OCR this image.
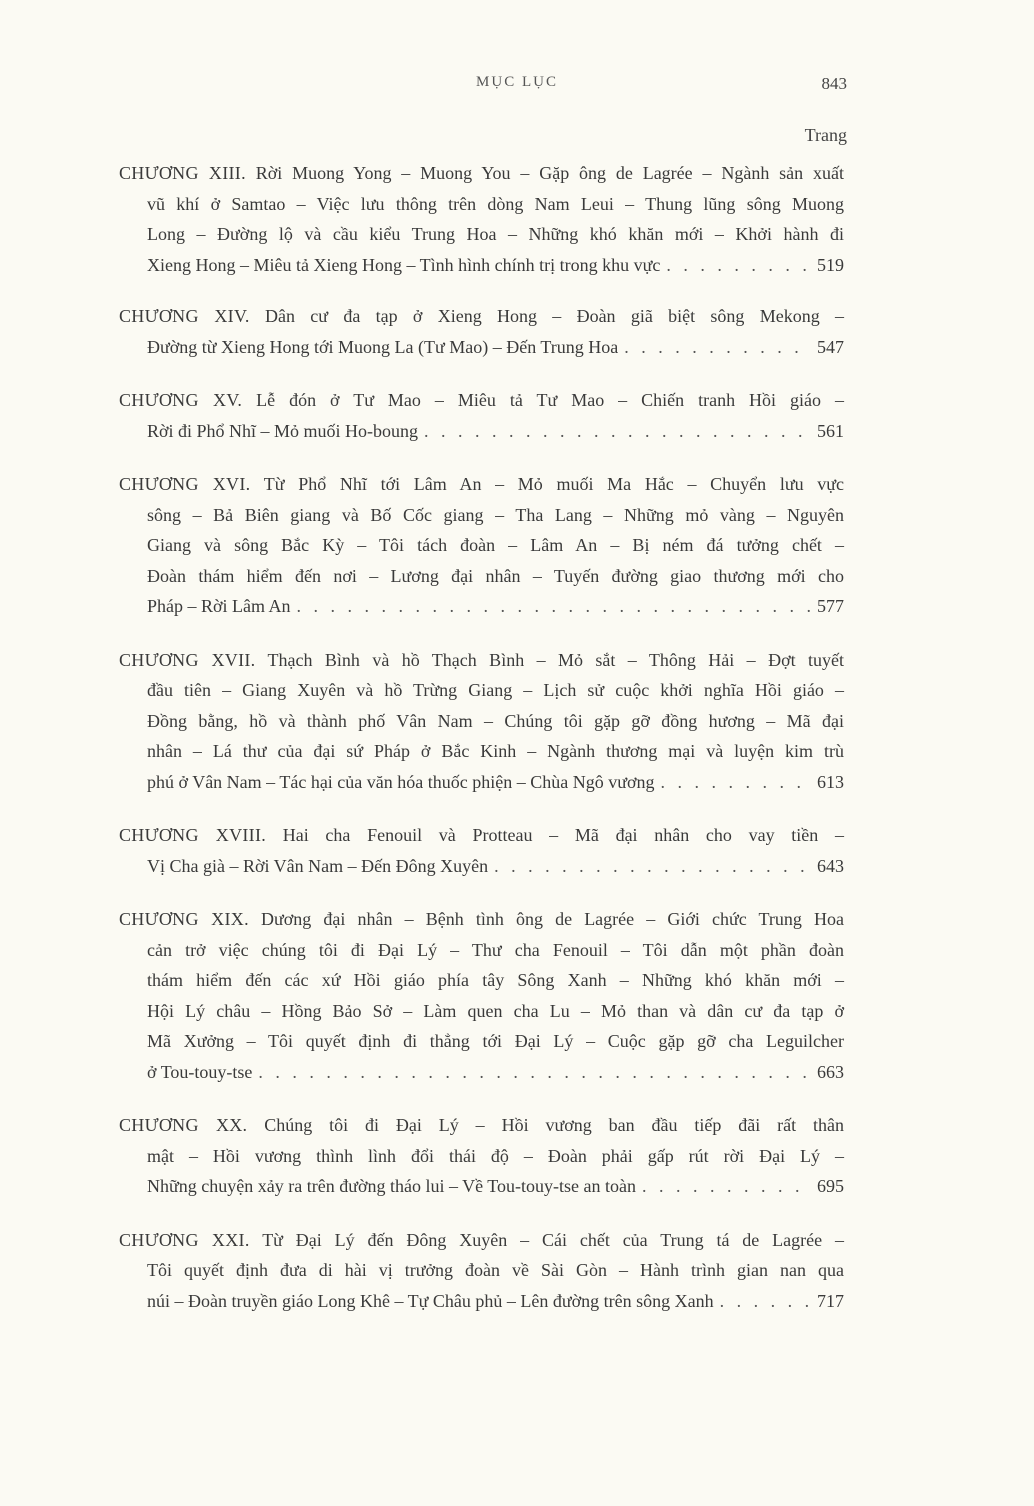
MỤC LỤC	843
Trang
CHƯƠNG XIII. Rời Muong Yong – Muong You – Gặp ông de Lagrée – Ngành sản xuất
vũ khí ở Samtao – Việc lưu thông trên dòng Nam Leui – Thung lũng sông Muong
Long – Đường lộ và cầu kiểu Trung Hoa – Những khó khăn mới – Khởi hành đi
Xieng Hong – Miêu tả Xieng Hong – Tình hình chính trị trong khu vực . . .	519
CHƯƠNG XIV. Dân cư đa tạp ở Xieng Hong – Đoàn giã biệt sông Mekong –
Đường từ Xieng Hong tới Muong La (Tư Mao) – Đến Trung Hoa . . .	547
CHƯƠNG XV. Lễ đón ở Tư Mao – Miêu tả Tư Mao – Chiến tranh Hồi giáo –
Rời đi Phổ Nhĩ – Mỏ muối Ho-boung . . .	561
CHƯƠNG XVI. Từ Phổ Nhĩ tới Lâm An – Mỏ muối Ma Hắc – Chuyển lưu vực
sông – Bả Biên giang và Bố Cốc giang – Tha Lang – Những mỏ vàng – Nguyên
Giang và sông Bắc Kỳ – Tôi tách đoàn – Lâm An – Bị ném đá tưởng chết –
Đoàn thám hiểm đến nơi – Lương đại nhân – Tuyến đường giao thương mới cho
Pháp – Rời Lâm An . . .	577
CHƯƠNG XVII. Thạch Bình và hồ Thạch Bình – Mỏ sắt – Thông Hải – Đợt tuyết
đầu tiên – Giang Xuyên và hồ Trừng Giang – Lịch sử cuộc khởi nghĩa Hồi giáo –
Đồng bằng, hồ và thành phố Vân Nam – Chúng tôi gặp gỡ đồng hương – Mã đại
nhân – Lá thư của đại sứ Pháp ở Bắc Kinh – Ngành thương mại và luyện kim trù
phú ở Vân Nam – Tác hại của văn hóa thuốc phiện – Chùa Ngô vương . . .	613
CHƯƠNG XVIII. Hai cha Fenouil và Protteau – Mã đại nhân cho vay tiền –
Vị Cha già – Rời Vân Nam – Đến Đông Xuyên . . .	643
CHƯƠNG XIX. Dương đại nhân – Bệnh tình ông de Lagrée – Giới chức Trung Hoa
cản trở việc chúng tôi đi Đại Lý – Thư cha Fenouil – Tôi dẫn một phần đoàn
thám hiểm đến các xứ Hồi giáo phía tây Sông Xanh – Những khó khăn mới –
Hội Lý châu – Hồng Bảo Sở – Làm quen cha Lu – Mỏ than và dân cư đa tạp ở
Mã Xưởng – Tôi quyết định đi thẳng tới Đại Lý – Cuộc gặp gỡ cha Leguilcher
ở Tou-touy-tse . . .	663
CHƯƠNG XX. Chúng tôi đi Đại Lý – Hồi vương ban đầu tiếp đãi rất thân
mật – Hồi vương thình lình đổi thái độ – Đoàn phải gấp rút rời Đại Lý –
Những chuyện xảy ra trên đường tháo lui – Về Tou-touy-tse an toàn . . .	695
CHƯƠNG XXI. Từ Đại Lý đến Đông Xuyên – Cái chết của Trung tá de Lagrée –
Tôi quyết định đưa di hài vị trưởng đoàn về Sài Gòn – Hành trình gian nan qua
núi – Đoàn truyền giáo Long Khê – Tự Châu phủ – Lên đường trên sông Xanh . . .	717
